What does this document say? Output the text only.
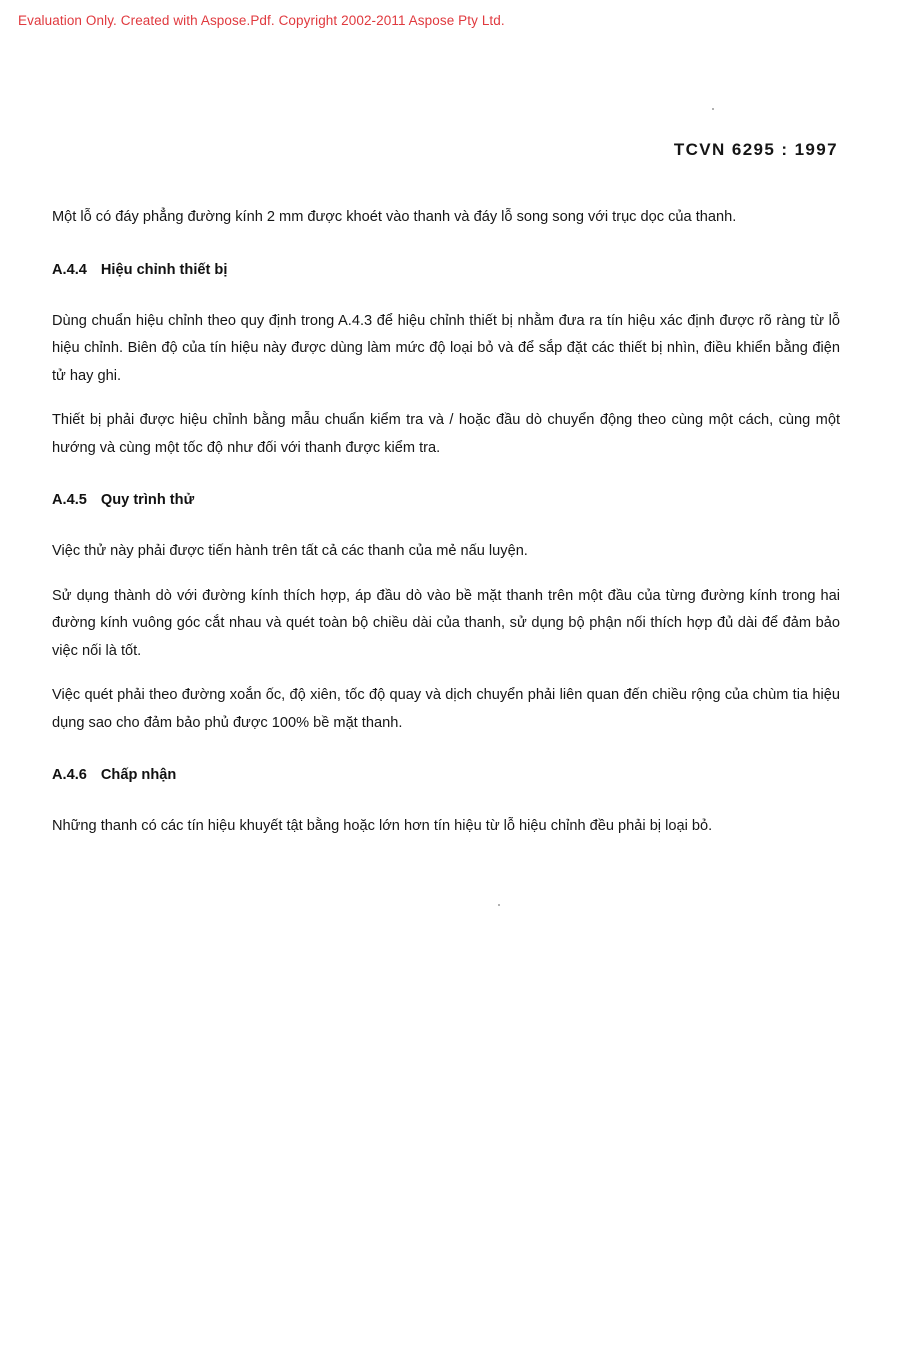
Evaluation Only. Created with Aspose.Pdf. Copyright 2002-2011 Aspose Pty Ltd.
TCVN 6295 : 1997

Một lỗ có đáy phẳng đường kính 2 mm được khoét vào thanh và đáy lỗ song song với trục dọc của thanh.

A.4.4 Hiệu chỉnh thiết bị

Dùng chuẩn hiệu chỉnh theo quy định trong A.4.3 để hiệu chỉnh thiết bị nhằm đưa ra tín hiệu xác định được rõ ràng từ lỗ hiệu chỉnh. Biên độ của tín hiệu này được dùng làm mức độ loại bỏ và để sắp đặt các thiết bị nhìn, điều khiển bằng điện tử hay ghi.

Thiết bị phải được hiệu chỉnh bằng mẫu chuẩn kiểm tra và / hoặc đầu dò chuyển động theo cùng một cách, cùng một hướng và cùng một tốc độ như đối với thanh được kiểm tra.

A.4.5 Quy trình thử

Việc thử này phải được tiến hành trên tất cả các thanh của mẻ nấu luyện.

Sử dụng thành dò với đường kính thích hợp, áp đầu dò vào bề mặt thanh trên một đầu của từng đường kính trong hai đường kính vuông góc cắt nhau và quét toàn bộ chiều dài của thanh, sử dụng bộ phận nối thích hợp đủ dài để đảm bảo việc nối là tốt.

Việc quét phải theo đường xoắn ốc, độ xiên, tốc độ quay và dịch chuyển phải liên quan đến chiều rộng của chùm tia hiệu dụng sao cho đảm bảo phủ được 100% bề mặt thanh.

A.4.6 Chấp nhận

Những thanh có các tín hiệu khuyết tật bằng hoặc lớn hơn tín hiệu từ lỗ hiệu chỉnh đều phải bị loại bỏ.
